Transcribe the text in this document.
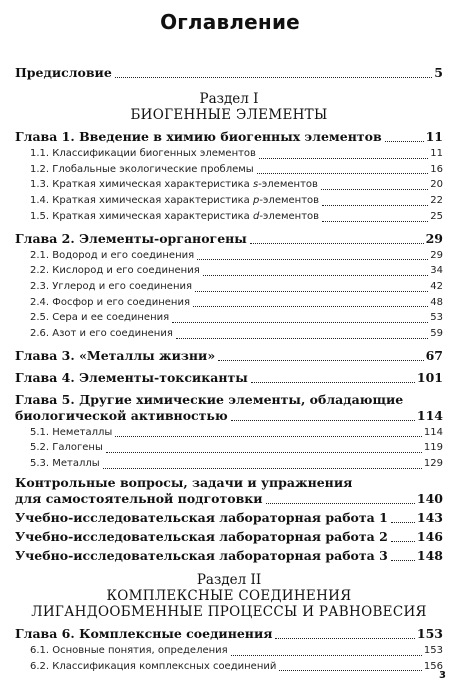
Оглавление
Предисловие	5
Раздел I
БИОГЕННЫЕ ЭЛЕМЕНТЫ
Глава 1. Введение в химию биогенных элементов	11
1.1. Классификации биогенных элементов	11
1.2. Глобальные экологические проблемы	16
1.3. Краткая химическая характеристика s-элементов	20
1.4. Краткая химическая характеристика p-элементов	22
1.5. Краткая химическая характеристика d-элементов	25
Глава 2. Элементы-органогены	29
2.1. Водород и его соединения	29
2.2. Кислород и его соединения	34
2.3. Углерод и его соединения	42
2.4. Фосфор и его соединения	48
2.5. Сера и ее соединения	53
2.6. Азот и его соединения	59
Глава 3. «Металлы жизни»	67
Глава 4. Элементы-токсиканты	101
Глава 5. Другие химические элементы, обладающие
биологической активностью	114
5.1. Неметаллы	114
5.2. Галогены	119
5.3. Металлы	129
Контрольные вопросы, задачи и упражнения
для самостоятельной подготовки	140
Учебно-исследовательская лабораторная работа 1 143
Учебно-исследовательская лабораторная работа 2 146
Учебно-исследовательская лабораторная работа 3 148
Раздел II
КОМПЛЕКСНЫЕ СОЕДИНЕНИЯ
ЛИГАНДООБМЕННЫЕ ПРОЦЕССЫ И РАВНОВЕСИЯ
Глава 6. Комплексные соединения	153
6.1. Основные понятия, определения	153
6.2. Классификация комплексных соединений	156
3
